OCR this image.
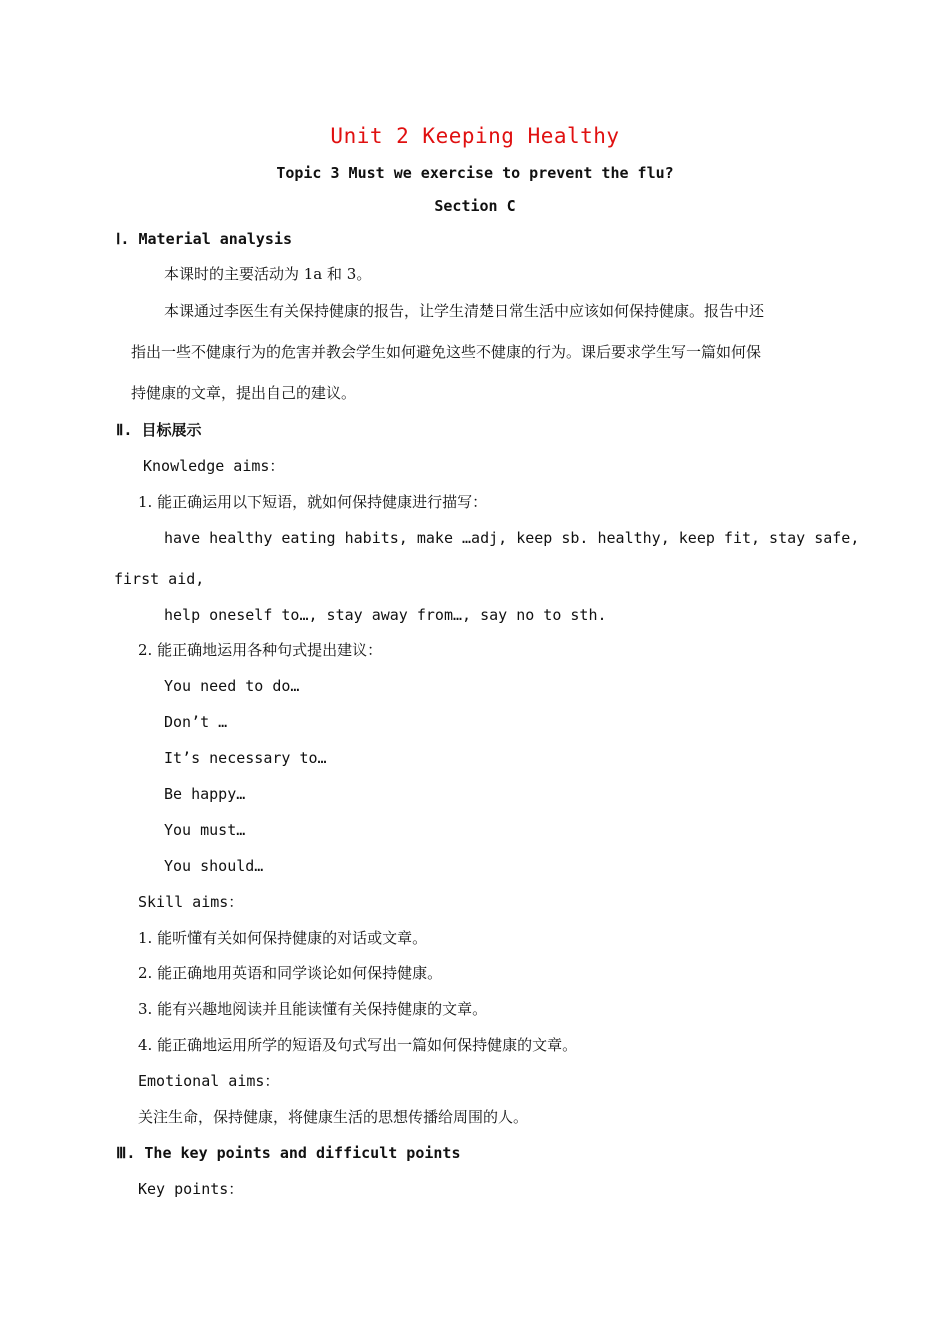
Unit 2 Keeping Healthy
Topic 3 Must we exercise to prevent the flu?
Section C
Ⅰ. Material analysis
本课时的主要活动为 1a 和 3。
本课通过李医生有关保持健康的报告，让学生清楚日常生活中应该如何保持健康。报告中还
指出一些不健康行为的危害并教会学生如何避免这些不健康的行为。课后要求学生写一篇如何保
持健康的文章，提出自己的建议。
Ⅱ. 目标展示
Knowledge aims：
1. 能正确运用以下短语，就如何保持健康进行描写：
have healthy eating habits, make …adj, keep sb. healthy, keep fit, stay safe,
first aid,
help oneself to…, stay away from…, say no to sth.
2. 能正确地运用各种句式提出建议：
You need to do…
Don’t …
It’s necessary to…
Be happy…
You must…
You should…
Skill aims：
1. 能听懂有关如何保持健康的对话或文章。
2. 能正确地用英语和同学谈论如何保持健康。
3. 能有兴趣地阅读并且能读懂有关保持健康的文章。
4. 能正确地运用所学的短语及句式写出一篇如何保持健康的文章。
Emotional aims：
关注生命，保持健康，将健康生活的思想传播给周围的人。
Ⅲ. The key points and difficult points
Key points：
